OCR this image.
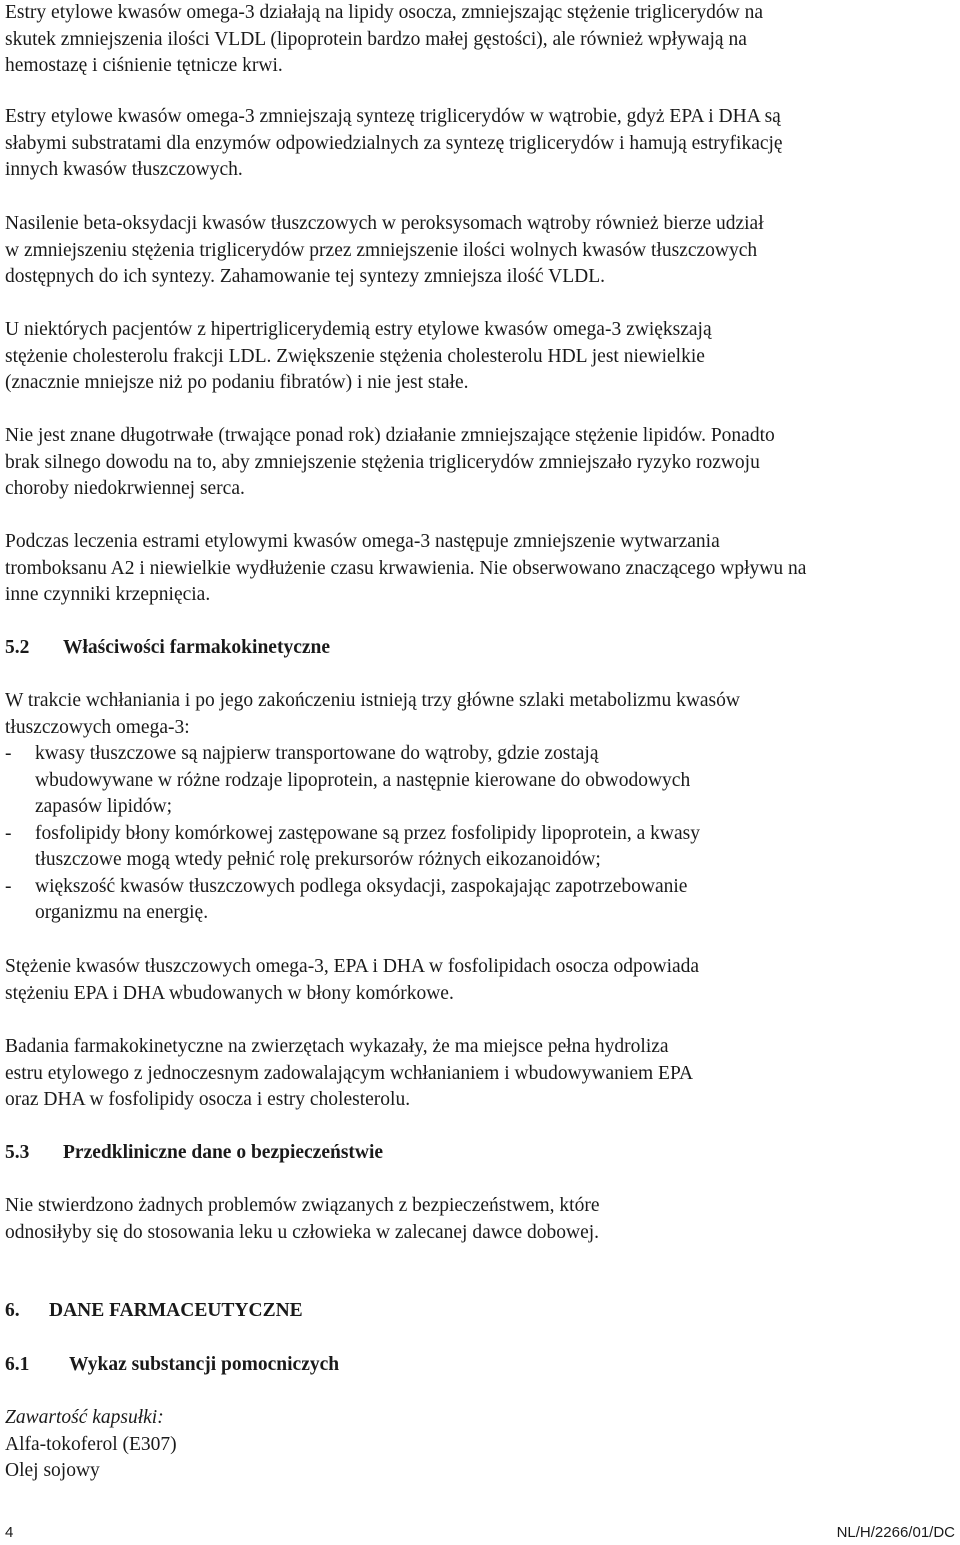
Estry etylowe kwasów omega-3 działają na lipidy osocza, zmniejszając stężenie triglicerydów na
skutek zmniejszenia ilości VLDL (lipoprotein bardzo małej gęstości), ale również wpływają na
hemostazę i ciśnienie tętnicze krwi.
Estry etylowe kwasów omega-3 zmniejszają syntezę triglicerydów w wątrobie, gdyż EPA i DHA są
słabymi substratami dla enzymów odpowiedzialnych za syntezę triglicerydów i hamują estryfikację
innych kwasów tłuszczowych.
Nasilenie beta-oksydacji kwasów tłuszczowych w peroksysomach wątroby również bierze udział
w zmniejszeniu stężenia triglicerydów przez zmniejszenie ilości wolnych kwasów tłuszczowych
dostępnych do ich syntezy. Zahamowanie tej syntezy zmniejsza ilość VLDL.
U niektórych pacjentów z hipertriglicerydemią estry etylowe kwasów omega-3 zwiększają
stężenie cholesterolu frakcji LDL. Zwiększenie stężenia cholesterolu HDL jest niewielkie
(znacznie mniejsze niż po podaniu fibratów) i nie jest stałe.
Nie jest znane długotrwałe (trwające ponad rok) działanie zmniejszające stężenie lipidów. Ponadto
brak silnego dowodu na to, aby zmniejszenie stężenia triglicerydów zmniejszało ryzyko rozwoju
choroby niedokrwiennej serca.
Podczas leczenia estrami etylowymi kwasów omega-3 następuje zmniejszenie wytwarzania
tromboksanu A2 i niewielkie wydłużenie czasu krwawienia. Nie obserwowano znaczącego wpływu na
inne czynniki krzepnięcia.
5.2 Właściwości farmakokinetyczne
W trakcie wchłaniania i po jego zakończeniu istnieją trzy główne szlaki metabolizmu kwasów
tłuszczowych omega-3:
- kwasy tłuszczowe są najpierw transportowane do wątroby, gdzie zostają
wbudowywane w różne rodzaje lipoprotein, a następnie kierowane do obwodowych
zapasów lipidów;
- fosfolipidy błony komórkowej zastępowane są przez fosfolipidy lipoprotein, a kwasy
tłuszczowe mogą wtedy pełnić rolę prekursorów różnych eikozanoidów;
- większość kwasów tłuszczowych podlega oksydacji, zaspokajając zapotrzebowanie
organizmu na energię.
Stężenie kwasów tłuszczowych omega-3, EPA i DHA w fosfolipidach osocza odpowiada
stężeniu EPA i DHA wbudowanych w błony komórkowe.
Badania farmakokinetyczne na zwierzętach wykazały, że ma miejsce pełna hydroliza
estru etylowego z jednoczesnym zadowalającym wchłanianiem i wbudowywaniem EPA
oraz DHA w fosfolipidy osocza i estry cholesterolu.
5.3 Przedkliniczne dane o bezpieczeństwie
Nie stwierdzono żadnych problemów związanych z bezpieczeństwem, które
odnosiłyby się do stosowania leku u człowieka w zalecanej dawce dobowej.
6. DANE FARMACEUTYCZNE
6.1 Wykaz substancji pomocniczych
Zawartość kapsułki:
Alfa-tokoferol (E307)
Olej sojowy
4	NL/H/2266/01/DC
